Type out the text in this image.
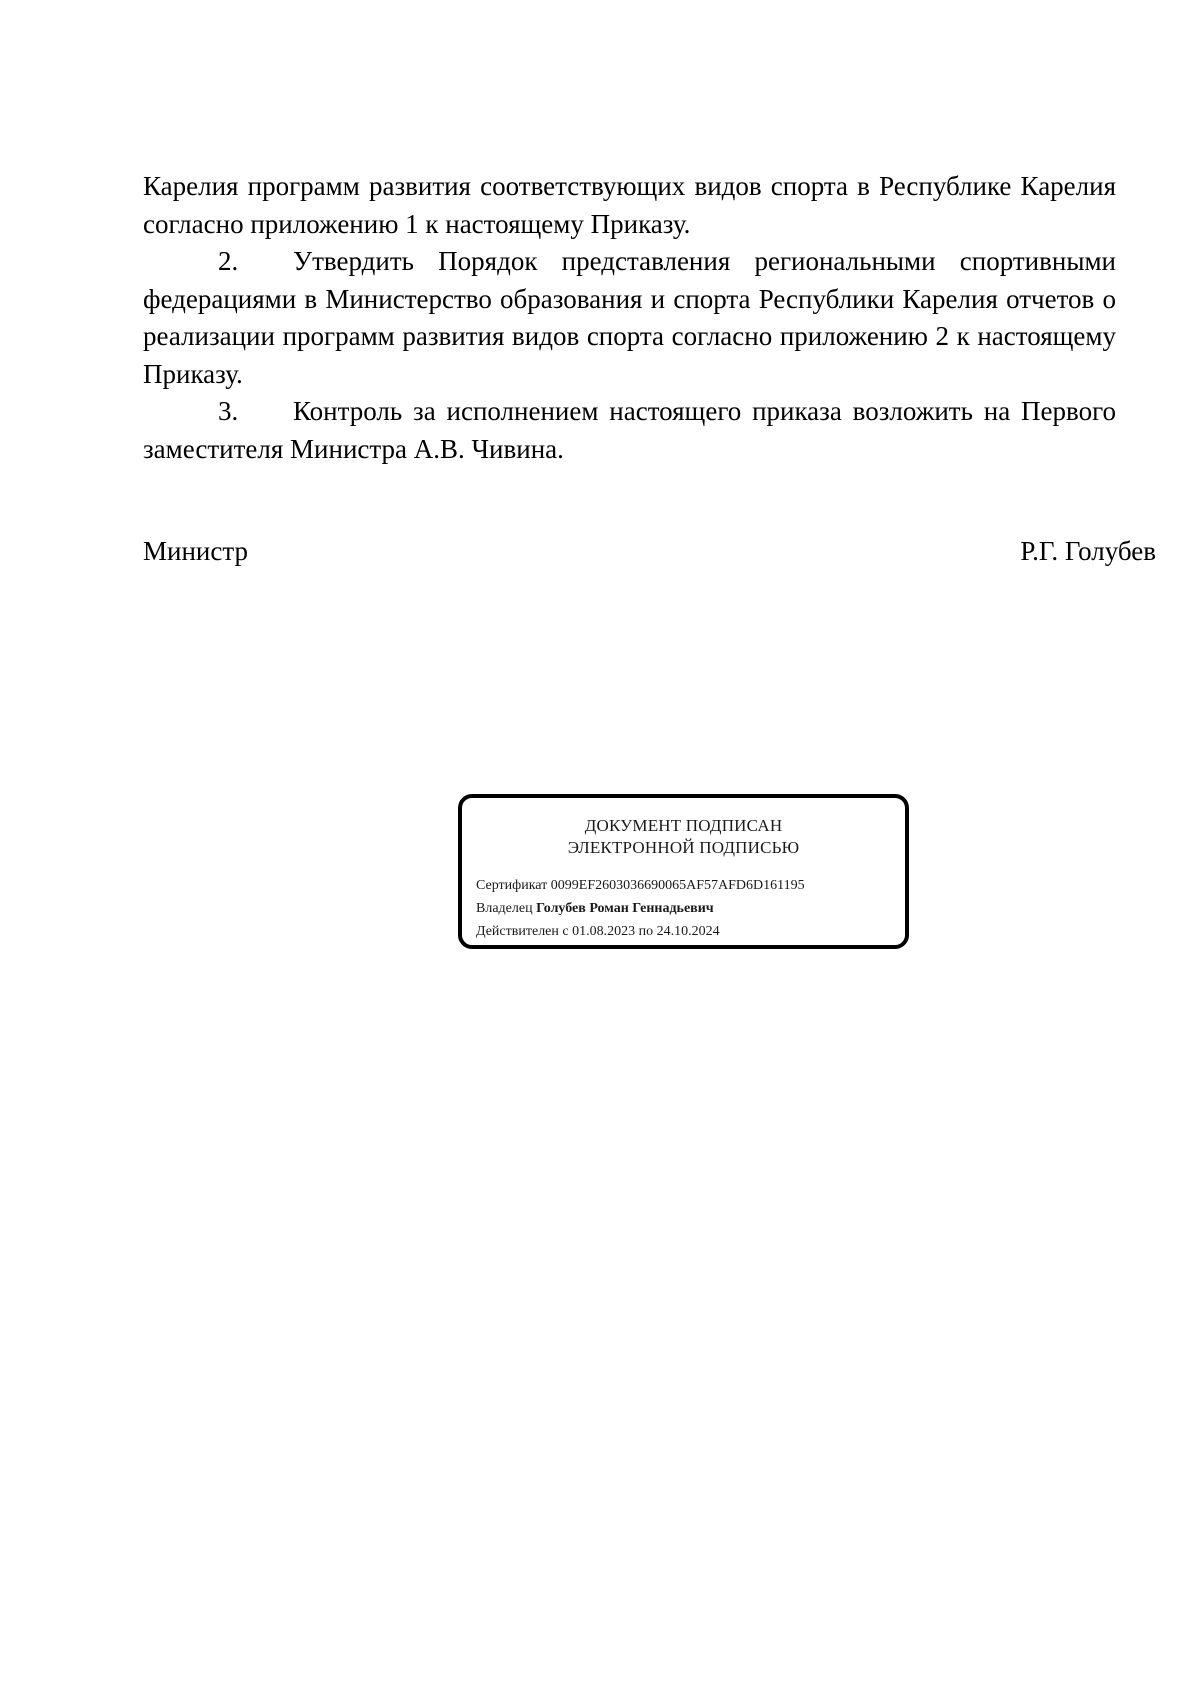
Карелия программ развития соответствующих видов спорта в Республике Карелия согласно приложению 1 к настоящему Приказу.

2. Утвердить Порядок представления региональными спортивными федерациями в Министерство образования и спорта Республики Карелия отчетов о реализации программ развития видов спорта согласно приложению 2 к настоящему Приказу.

3. Контроль за исполнением настоящего приказа возложить на Первого заместителя Министра А.В. Чивина.

Министр	Р.Г. Голубев
ДОКУМЕНТ ПОДПИСАН
ЭЛЕКТРОННОЙ ПОДПИСЬЮ
Сертификат 0099EF2603036690065AF57AFD6D161195
Владелец Голубев Роман Геннадьевич
Действителен с 01.08.2023 по 24.10.2024
